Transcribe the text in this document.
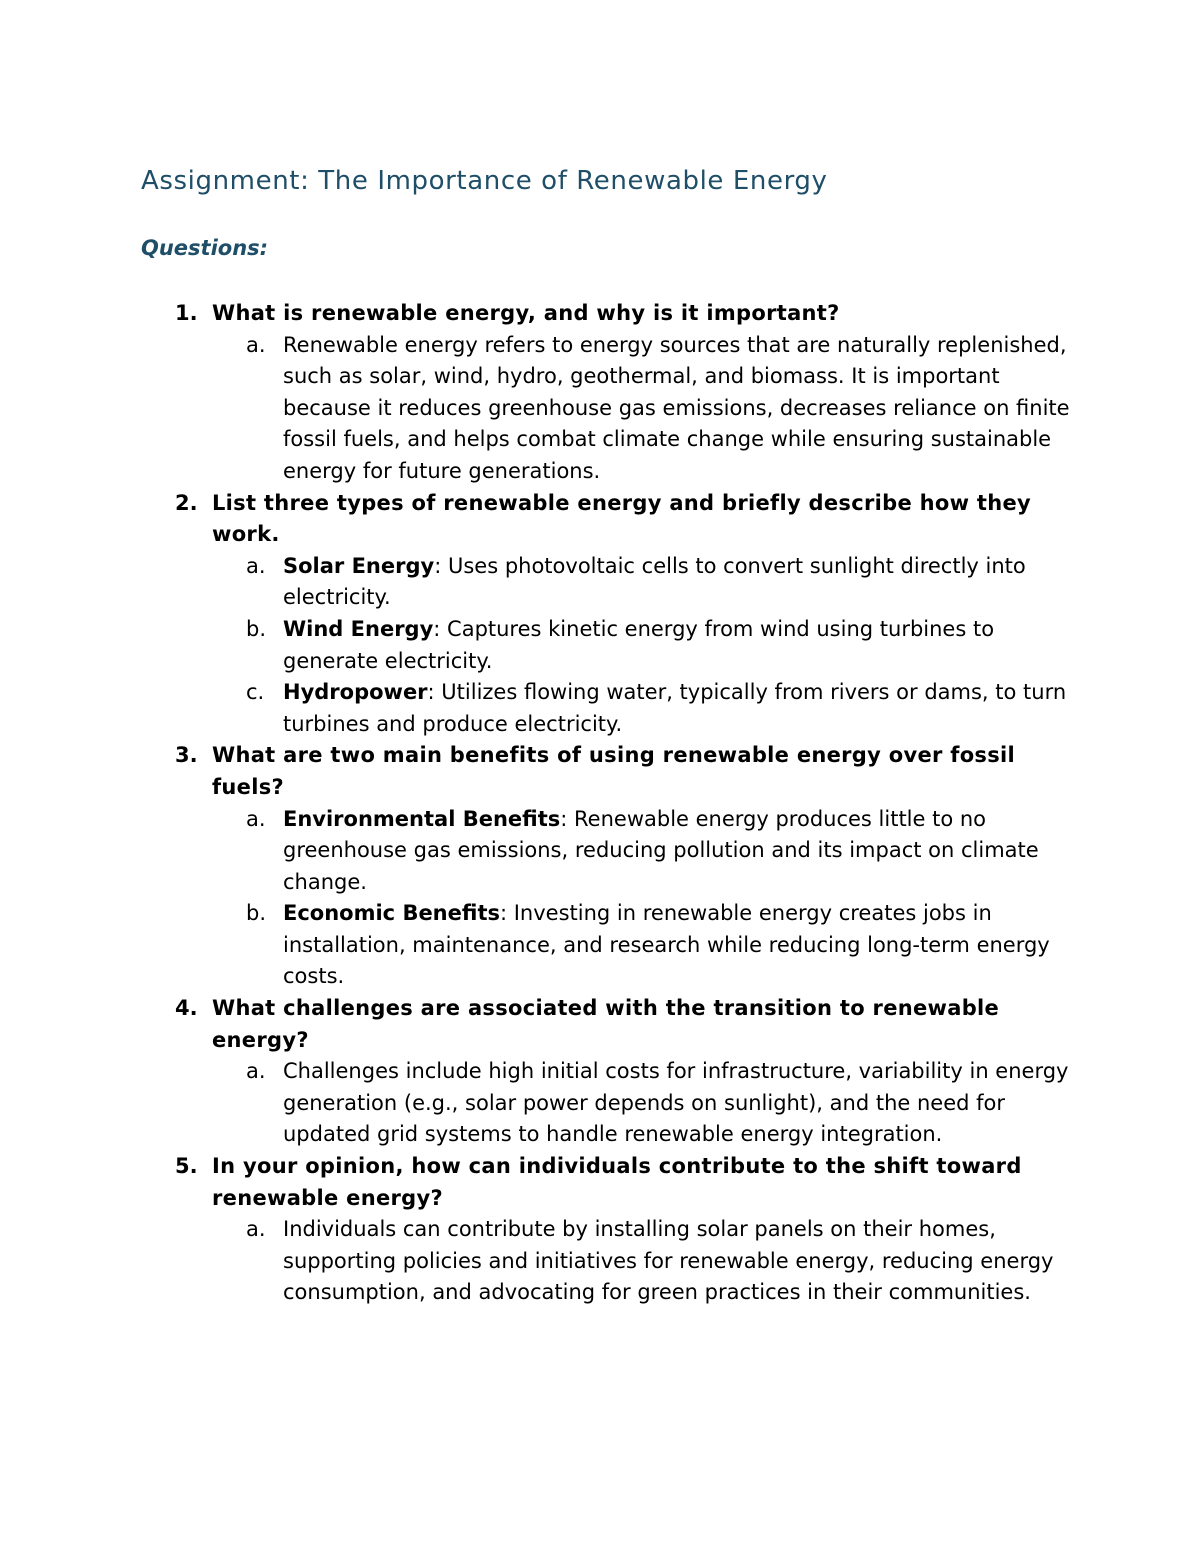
Assignment: The Importance of Renewable Energy
Questions:
1. What is renewable energy, and why is it important?

a. Renewable energy refers to energy sources that are naturally replenished, such as solar, wind, hydro, geothermal, and biomass. It is important because it reduces greenhouse gas emissions, decreases reliance on finite fossil fuels, and helps combat climate change while ensuring sustainable energy for future generations.

2. List three types of renewable energy and briefly describe how they work.

a. Solar Energy: Uses photovoltaic cells to convert sunlight directly into electricity.

b. Wind Energy: Captures kinetic energy from wind using turbines to generate electricity.

c. Hydropower: Utilizes flowing water, typically from rivers or dams, to turn turbines and produce electricity.

3. What are two main benefits of using renewable energy over fossil fuels?

a. Environmental Benefits: Renewable energy produces little to no greenhouse gas emissions, reducing pollution and its impact on climate change.

b. Economic Benefits: Investing in renewable energy creates jobs in installation, maintenance, and research while reducing long-term energy costs.

4. What challenges are associated with the transition to renewable energy?

a. Challenges include high initial costs for infrastructure, variability in energy generation (e.g., solar power depends on sunlight), and the need for updated grid systems to handle renewable energy integration.

5. In your opinion, how can individuals contribute to the shift toward renewable energy?

a. Individuals can contribute by installing solar panels on their homes, supporting policies and initiatives for renewable energy, reducing energy consumption, and advocating for green practices in their communities.
